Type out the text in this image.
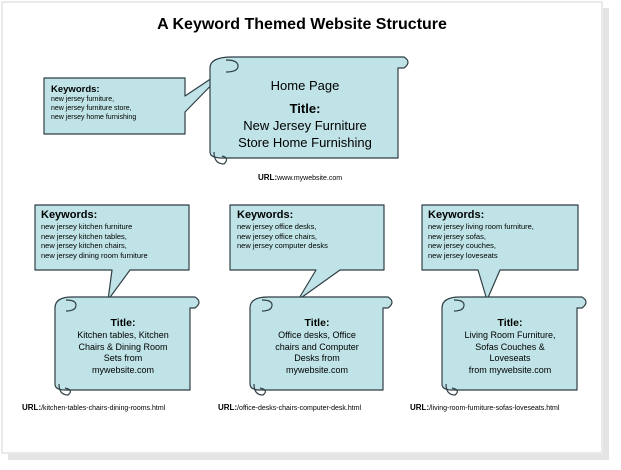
A Keyword Themed Website Structure
Keywords:
new jersey furniture,
new jersey furniture store,
new jersey home furnishing
Home Page
Title:
New Jersey Furniture
Store Home Furnishing
URL:www.mywebsite.com
Keywords:
new jersey kitchen furniture
new jersey kitchen tables,
new jersey kitchen chairs,
new jersey dining room furniture
Title:
Kitchen tables, Kitchen
Chairs & Dining Room
Sets from
mywebsite.com
URL:/kitchen-tables-chairs-dining-rooms.html
Keywords:
new jersey office desks,
new jersey office chairs,
new jersey computer desks
Title:
Office desks, Office
chairs and Computer
Desks from
mywebsite.com
URL:/office-desks-chairs-computer-desk.html
Keywords:
new jersey living room furniture,
new jersey sofas,
new jersey couches,
new jersey loveseats
Title:
Living Room Furniture,
Sofas Couches &
Loveseats
from mywebsite.com
URL:/living-room-furniture-sofas-loveseats.html
